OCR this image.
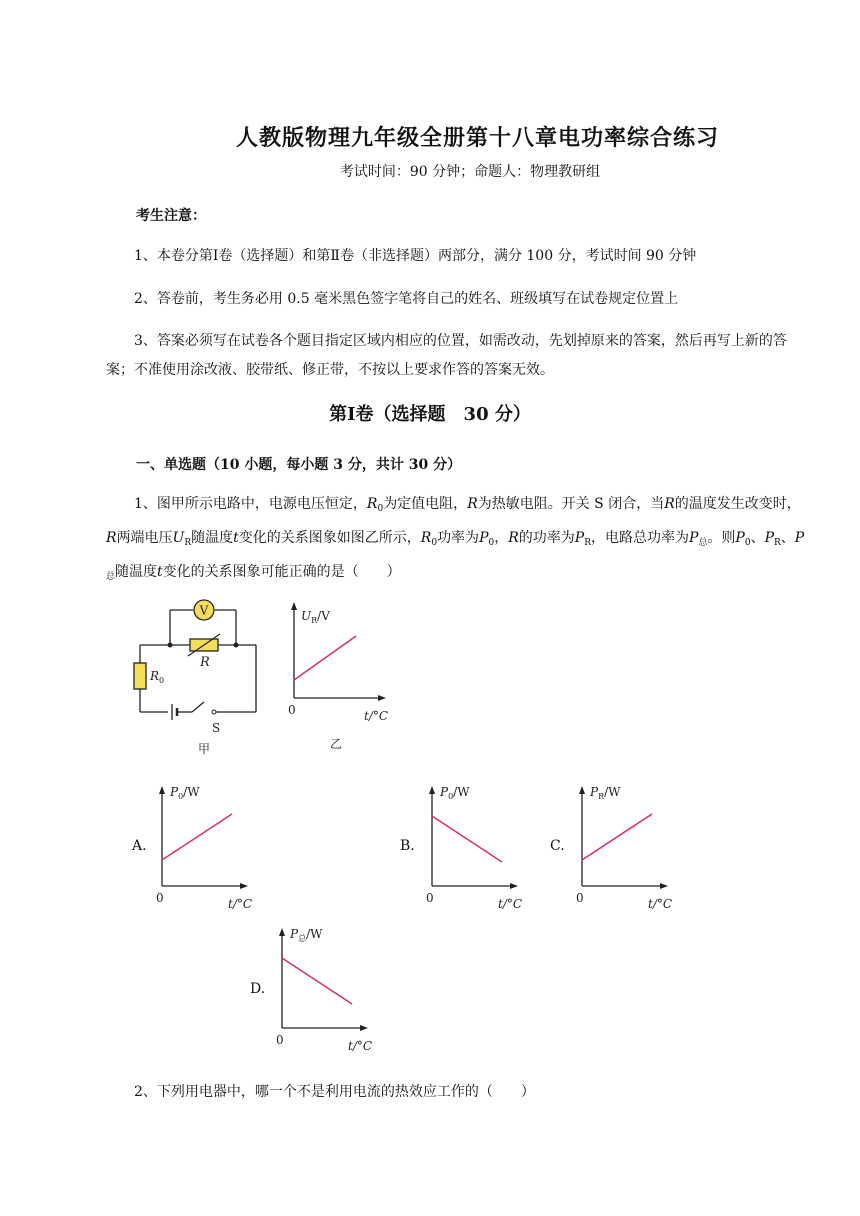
人教版物理九年级全册第十八章电功率综合练习
考试时间：90 分钟；命题人：物理教研组
考生注意：
1、本卷分第Ⅰ卷（选择题）和第Ⅱ卷（非选择题）两部分，满分 100 分，考试时间 90 分钟
2、答卷前，考生务必用 0.5 毫米黑色签字笔将自己的姓名、班级填写在试卷规定位置上
3、答案必须写在试卷各个题目指定区域内相应的位置，如需改动，先划掉原来的答案，然后再写上新的答案；不准使用涂改液、胶带纸、修正带，不按以上要求作答的答案无效。
第Ⅰ卷（选择题　30 分）
一、单选题（10 小题，每小题 3 分，共计 30 分）
1、图甲所示电路中，电源电压恒定，$R_0$为定值电阻，R为热敏电阻。开关 S 闭合，当R的温度发生改变时，R两端电压$U_R$随温度t变化的关系图象如图乙所示，$R_0$功率为$P_0$，R的功率为$P_R$，电路总功率为$P_总$。则$P_0$、$P_R$、$P_总$随温度t变化的关系图象可能正确的是（　　）
V
R
$R_0$
S
甲
$U_R/V$
0	t/°C
乙
A.
$P_0/W$
0	t/°C
B.
$P_0/W$
0	t/°C
C.
$P_R/W$
0	t/°C
D.
$P_总/W$
0	t/°C
2、下列用电器中，哪一个不是利用电流的热效应工作的（　　）
